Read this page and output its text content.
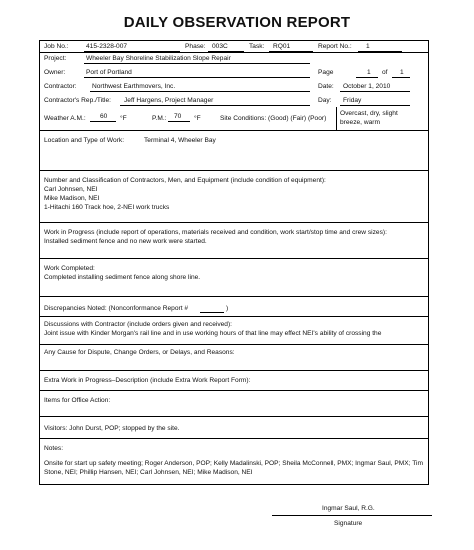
DAILY OBSERVATION REPORT
Job No.:	415-2328-007	Phase: 003C	Task: RQ01	Report No.: 1
Project:	Wheeler Bay Shoreline Stabilization Slope Repair
Owner:	Port of Portland	Page	1 of 1
Contractor: Northwest Earthmovers, Inc.	Date: October 1, 2010
Contractor's Rep./Title: Jeff Hargens, Project Manager	Day: Friday
Weather A.M.: 60 °F	P.M.: 70 °F	Site Conditions: (Good) (Fair) (Poor)
Overcast, dry, slight
breeze, warm
Location and Type of Work:	Terminal 4, Wheeler Bay
Number and Classification of Contractors, Men, and Equipment (include condition of equipment):
Carl Johnsen, NEI
Mike Madison, NEI
1-Hitachi 160 Track hoe, 2-NEI work trucks
Work in Progress (include report of operations, materials received and condition, work start/stop time and crew sizes):
Installed sediment fence and no new work were started.
Work Completed:
Completed installing sediment fence along shore line.
Discrepancies Noted: (Nonconformance Report #	)
Discussions with Contractor (include orders given and received):
Joint issue with Kinder Morgan's rail line and in use working hours of that line may effect NEI's ability of crossing the
Any Cause for Dispute, Change Orders, or Delays, and Reasons:
Extra Work in Progress–Description (include Extra Work Report Form):
Items for Office Action:
Visitors: John Durst, POP; stopped by the site.
Notes:
Onsite for start up safety meeting; Roger Anderson, POP; Kelly Madalinski, POP; Sheila McConnell, PMX; Ingmar Saul, PMX; Tim
Stone, NEI; Phillip Hansen, NEI; Carl Johnsen, NEI; Mike Madison, NEI
Ingmar Saul, R.G.
Signature
